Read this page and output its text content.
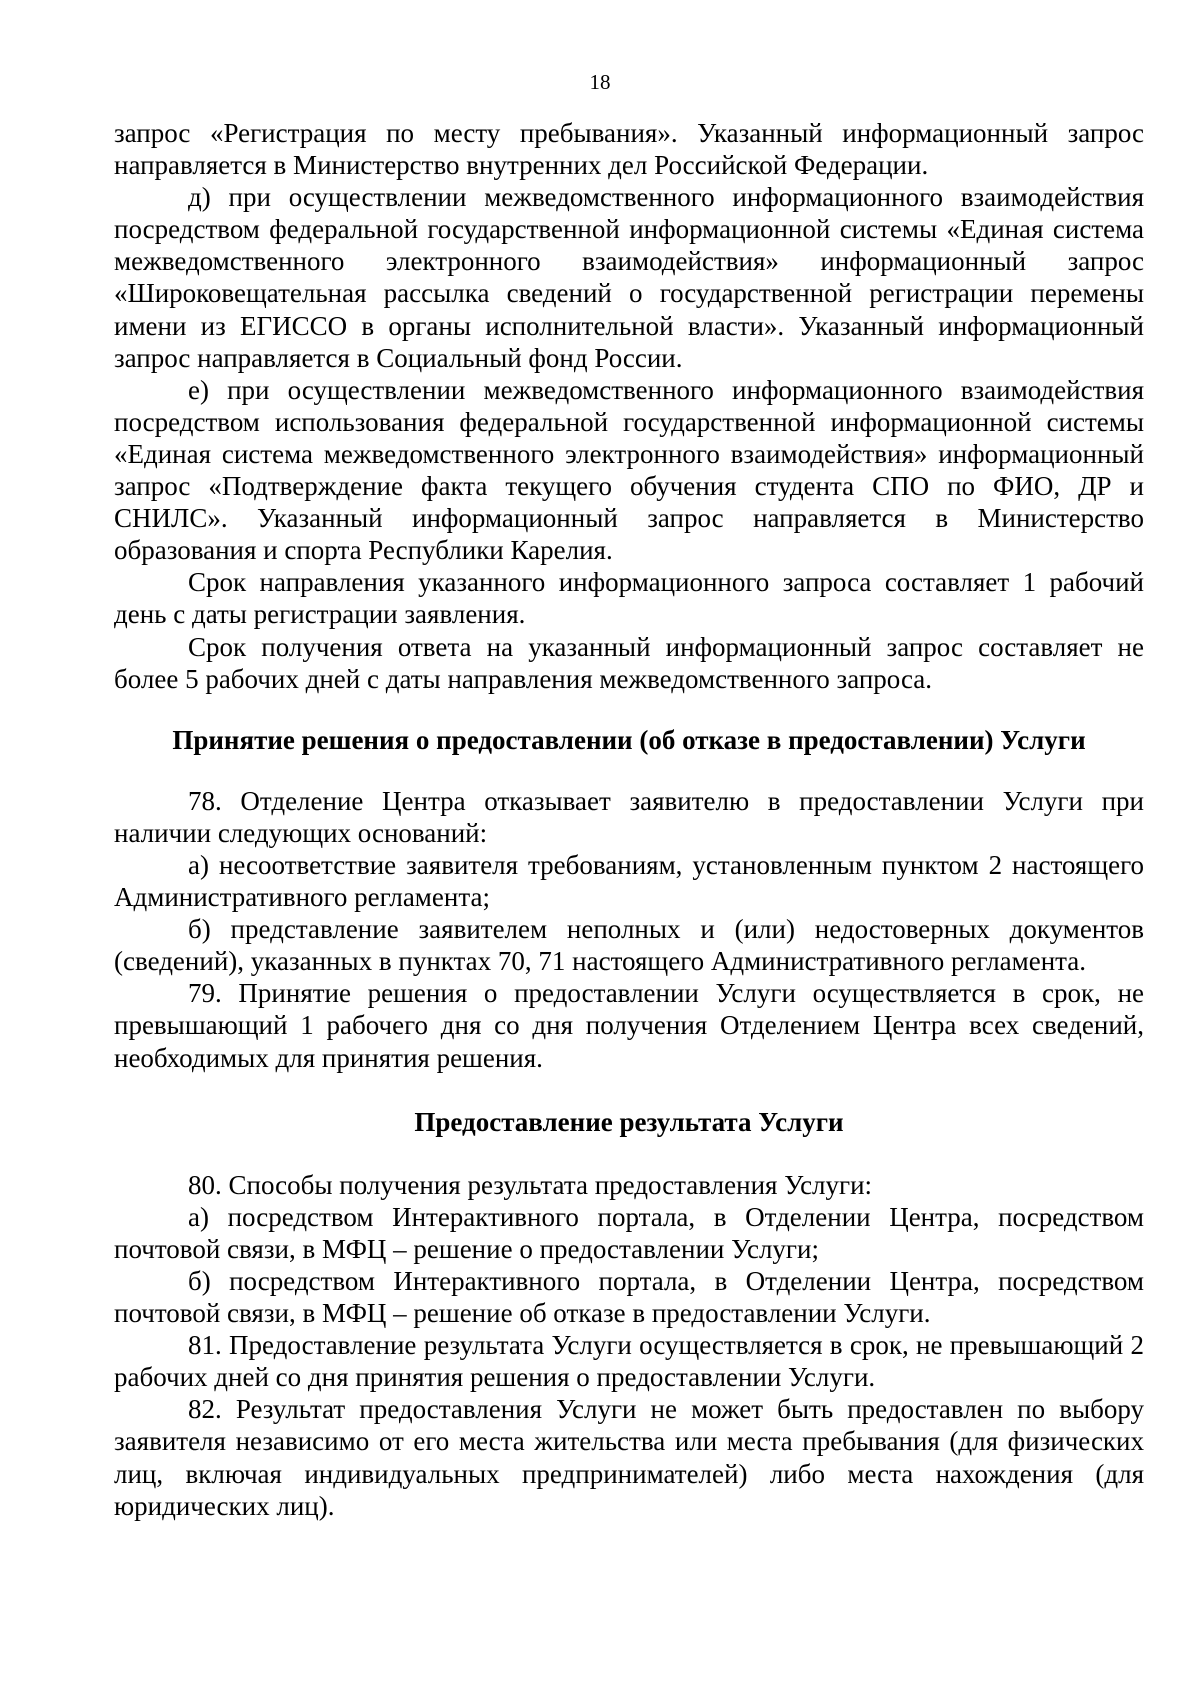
18

запрос «Регистрация по месту пребывания». Указанный информационный запрос направляется в Министерство внутренних дел Российской Федерации.

д) при осуществлении межведомственного информационного взаимодействия посредством федеральной государственной информационной системы «Единая система межведомственного электронного взаимодействия» информационный запрос «Широковещательная рассылка сведений о государственной регистрации перемены имени из ЕГИССО в органы исполнительной власти». Указанный информационный запрос направляется в Социальный фонд России.

е) при осуществлении межведомственного информационного взаимодействия посредством использования федеральной государственной информационной системы «Единая система межведомственного электронного взаимодействия» информационный запрос «Подтверждение факта текущего обучения студента СПО по ФИО, ДР и СНИЛС». Указанный информационный запрос направляется в Министерство образования и спорта Республики Карелия.

Срок направления указанного информационного запроса составляет 1 рабочий день с даты регистрации заявления.

Срок получения ответа на указанный информационный запрос составляет не более 5 рабочих дней с даты направления межведомственного запроса.

Принятие решения о предоставлении (об отказе в предоставлении) Услуги

78. Отделение Центра отказывает заявителю в предоставлении Услуги при наличии следующих оснований:

а) несоответствие заявителя требованиям, установленным пунктом 2 настоящего Административного регламента;

б) представление заявителем неполных и (или) недостоверных документов (сведений), указанных в пунктах 70, 71 настоящего Административного регламента.

79. Принятие решения о предоставлении Услуги осуществляется в срок, не превышающий 1 рабочего дня со дня получения Отделением Центра всех сведений, необходимых для принятия решения.

Предоставление результата Услуги

80. Способы получения результата предоставления Услуги:

а) посредством Интерактивного портала, в Отделении Центра, посредством почтовой связи, в МФЦ – решение о предоставлении Услуги;

б) посредством Интерактивного портала, в Отделении Центра, посредством почтовой связи, в МФЦ – решение об отказе в предоставлении Услуги.

81. Предоставление результата Услуги осуществляется в срок, не превышающий 2 рабочих дней со дня принятия решения о предоставлении Услуги.

82. Результат предоставления Услуги не может быть предоставлен по выбору заявителя независимо от его места жительства или места пребывания (для физических лиц, включая индивидуальных предпринимателей) либо места нахождения (для юридических лиц).
